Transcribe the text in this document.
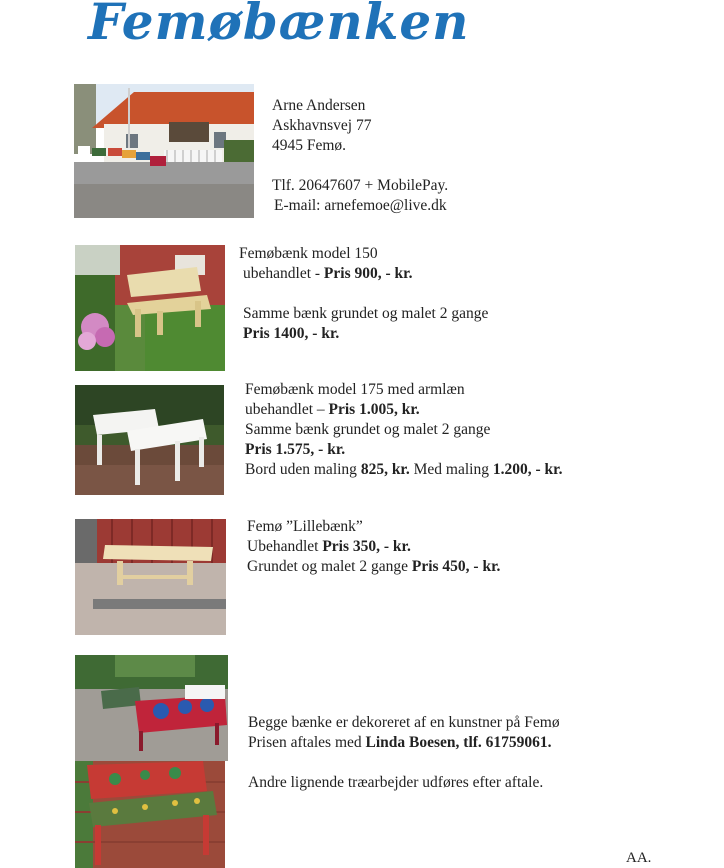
Femøbænken
Arne Andersen
Askhavnsvej 77
4945 Femø.
Tlf. 20647607 + MobilePay.
E-mail: arnefemoe@live.dk
Femøbænk model 150
ubehandlet - Pris 900, - kr.
Samme bænk grundet og malet 2 gange
Pris 1400, - kr.
Femøbænk model 175 med armlæn
ubehandlet – Pris 1.005, kr.
Samme bænk grundet og malet 2 gange
Pris 1.575, - kr.
Bord uden maling 825, kr. Med maling 1.200, - kr.
Femø ”Lillebænk”
Ubehandlet Pris 350, - kr.
Grundet og malet 2 gange Pris 450, - kr.
Begge bænke er dekoreret af en kunstner på Femø
Prisen aftales med Linda Boesen, tlf. 61759061.
Andre lignende træarbejder udføres efter aftale.
AA.
